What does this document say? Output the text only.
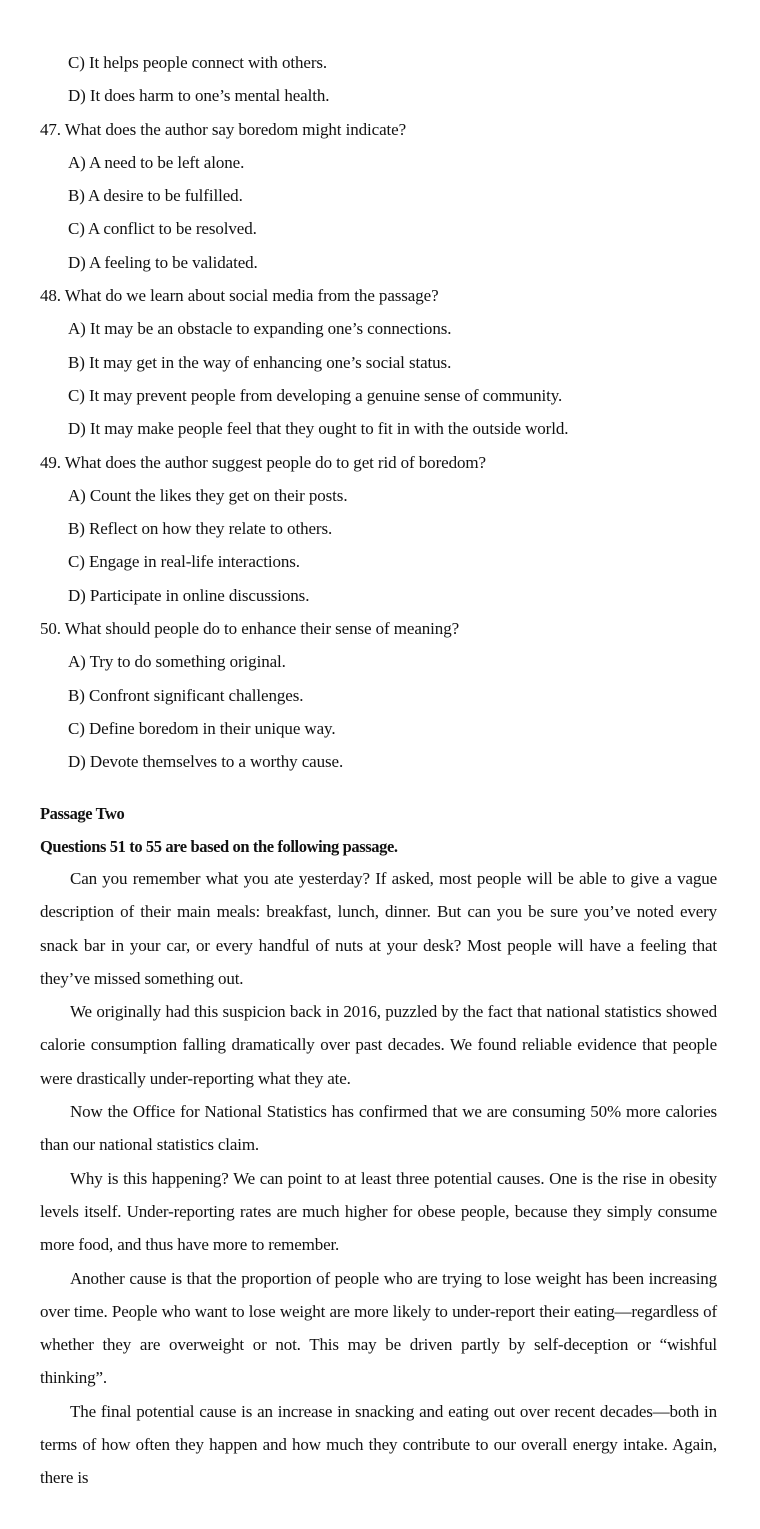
C) It helps people connect with others.
D) It does harm to one’s mental health.
47. What does the author say boredom might indicate?
A) A need to be left alone.
B) A desire to be fulfilled.
C) A conflict to be resolved.
D) A feeling to be validated.
48. What do we learn about social media from the passage?
A) It may be an obstacle to expanding one’s connections.
B) It may get in the way of enhancing one’s social status.
C) It may prevent people from developing a genuine sense of community.
D) It may make people feel that they ought to fit in with the outside world.
49. What does the author suggest people do to get rid of boredom?
A) Count the likes they get on their posts.
B) Reflect on how they relate to others.
C) Engage in real-life interactions.
D) Participate in online discussions.
50. What should people do to enhance their sense of meaning?
A) Try to do something original.
B) Confront significant challenges.
C) Define boredom in their unique way.
D) Devote themselves to a worthy cause.
Passage Two
Questions 51 to 55 are based on the following passage.

Can you remember what you ate yesterday? If asked, most people will be able to give a vague description of their main meals: breakfast, lunch, dinner. But can you be sure you’ve noted every snack bar in your car, or every handful of nuts at your desk? Most people will have a feeling that they’ve missed something out.

We originally had this suspicion back in 2016, puzzled by the fact that national statistics showed calorie consumption falling dramatically over past decades. We found reliable evidence that people were drastically under-reporting what they ate.

Now the Office for National Statistics has confirmed that we are consuming 50% more calories than our national statistics claim.

Why is this happening? We can point to at least three potential causes. One is the rise in obesity levels itself. Under-reporting rates are much higher for obese people, because they simply consume more food, and thus have more to remember.

Another cause is that the proportion of people who are trying to lose weight has been increasing over time. People who want to lose weight are more likely to under-report their eating—regardless of whether they are overweight or not. This may be driven partly by self-deception or “wishful thinking”.

The final potential cause is an increase in snacking and eating out over recent decades—both in terms of how often they happen and how much they contribute to our overall energy intake. Again, there is
